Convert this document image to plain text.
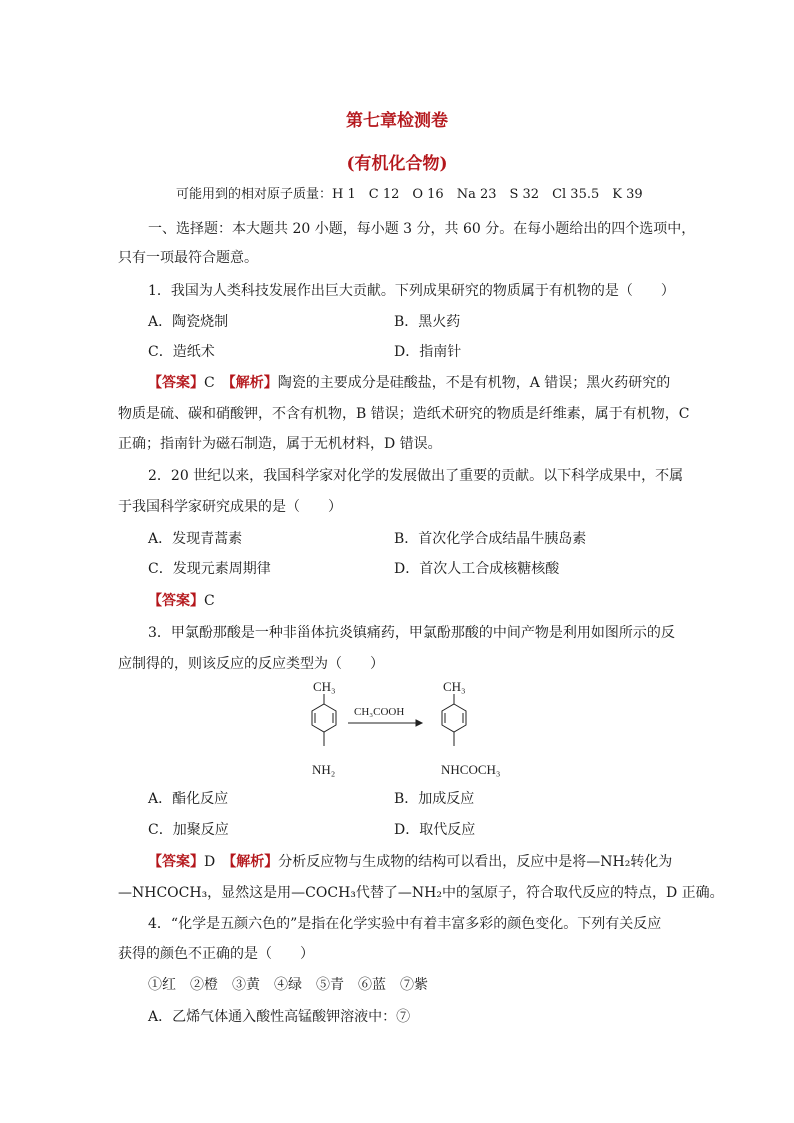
第七章检测卷
(有机化合物)
可能用到的相对原子质量：H 1　C 12　O 16　Na 23　S 32　Cl 35.5　K 39
一、选择题：本大题共 20 小题，每小题 3 分，共 60 分。在每小题给出的四个选项中，
只有一项最符合题意。
1．我国为人类科技发展作出巨大贡献。下列成果研究的物质属于有机物的是（　　）
A．陶瓷烧制	B．黑火药
C．造纸术	D．指南针
【答案】C　【解析】陶瓷的主要成分是硅酸盐，不是有机物，A 错误；黑火药研究的
物质是硫、碳和硝酸钾，不含有机物，B 错误；造纸术研究的物质是纤维素，属于有机物，C
正确；指南针为磁石制造，属于无机材料，D 错误。
2．20 世纪以来，我国科学家对化学的发展做出了重要的贡献。以下科学成果中，不属
于我国科学家研究成果的是（　　）
A．发现青蒿素	B．首次化学合成结晶牛胰岛素
C．发现元素周期律	D．首次人工合成核糖核酸
【答案】C
3．甲氯酚那酸是一种非甾体抗炎镇痛药，甲氯酚那酸的中间产物是利用如图所示的反
应制得的，则该反应的反应类型为（　　）
CH₃
NH₂
CH₃COOH
CH₃
NHCOCH₃
A．酯化反应	B．加成反应
C．加聚反应	D．取代反应
【答案】D　【解析】分析反应物与生成物的结构可以看出，反应中是将—NH₂转化为
—NHCOCH₃，显然这是用—COCH₃代替了—NH₂中的氢原子，符合取代反应的特点，D 正确。
4．“化学是五颜六色的”是指在化学实验中有着丰富多彩的颜色变化。下列有关反应
获得的颜色不正确的是（　　）
①红　②橙　③黄　④绿　⑤青　⑥蓝　⑦紫
A．乙烯气体通入酸性高锰酸钾溶液中：⑦
